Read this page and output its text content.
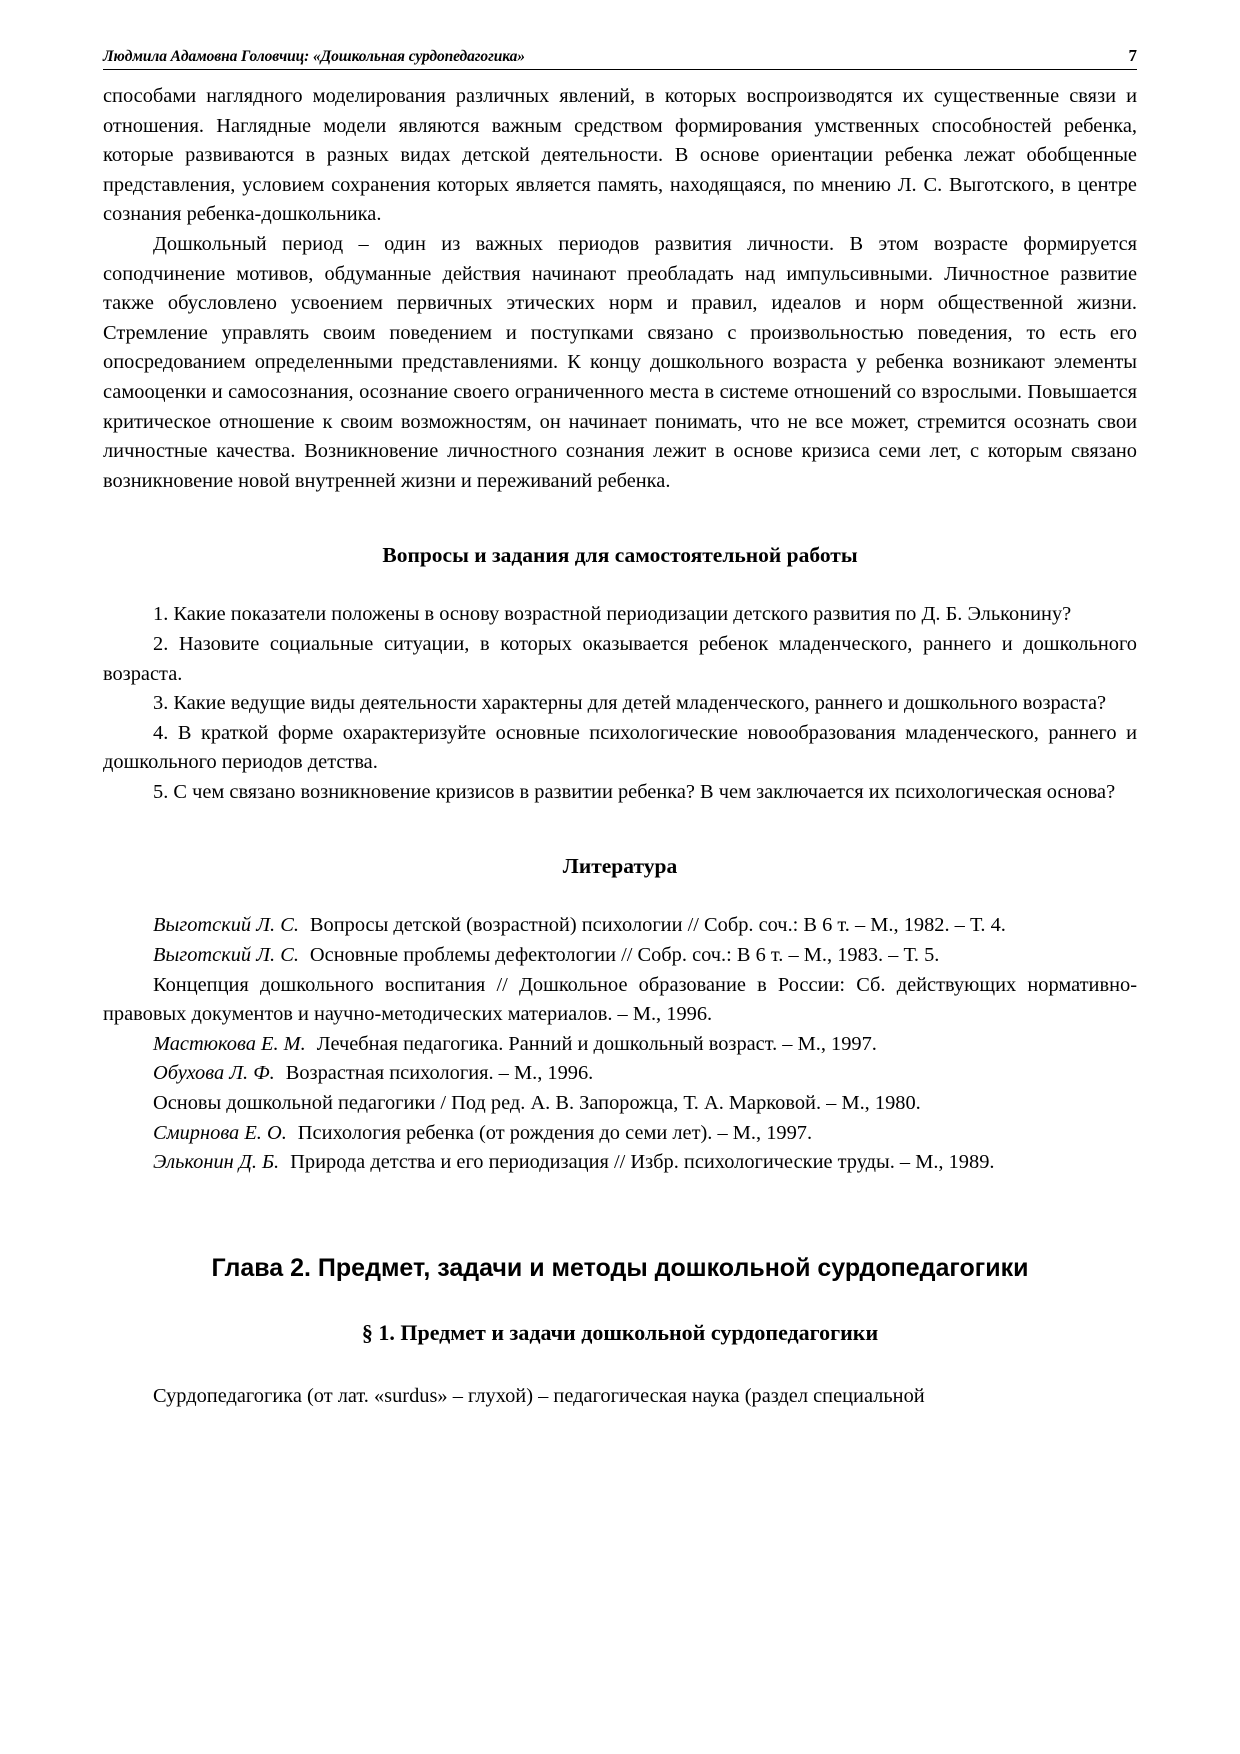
Людмила Адамовна Головчиц: «Дошкольная сурдопедагогика»	7

способами наглядного моделирования различных явлений, в которых воспроизводятся их существенные связи и отношения. Наглядные модели являются важным средством формирования умственных способностей ребенка, которые развиваются в разных видах детской деятельности. В основе ориентации ребенка лежат обобщенные представления, условием сохранения которых является память, находящаяся, по мнению Л. С. Выготского, в центре сознания ребенка-дошкольника.

Дошкольный период – один из важных периодов развития личности. В этом возрасте формируется соподчинение мотивов, обдуманные действия начинают преобладать над импульсивными. Личностное развитие также обусловлено усвоением первичных этических норм и правил, идеалов и норм общественной жизни. Стремление управлять своим поведением и поступками связано с произвольностью поведения, то есть его опосредованием определенными представлениями. К концу дошкольного возраста у ребенка возникают элементы самооценки и самосознания, осознание своего ограниченного места в системе отношений со взрослыми. Повышается критическое отношение к своим возможностям, он начинает понимать, что не все может, стремится осознать свои личностные качества. Возникновение личностного сознания лежит в основе кризиса семи лет, с которым связано возникновение новой внутренней жизни и переживаний ребенка.

Вопросы и задания для самостоятельной работы

1. Какие показатели положены в основу возрастной периодизации детского развития по Д. Б. Эльконину?

2. Назовите социальные ситуации, в которых оказывается ребенок младенческого, раннего и дошкольного возраста.

3. Какие ведущие виды деятельности характерны для детей младенческого, раннего и дошкольного возраста?

4. В краткой форме охарактеризуйте основные психологические новообразования младенческого, раннего и дошкольного периодов детства.

5. С чем связано возникновение кризисов в развитии ребенка? В чем заключается их психологическая основа?

Литература

Выготский Л. С. Вопросы детской (возрастной) психологии // Собр. соч.: В 6 т. – М., 1982. – Т. 4.

Выготский Л. С. Основные проблемы дефектологии // Собр. соч.: В 6 т. – М., 1983. – Т. 5.

Концепция дошкольного воспитания // Дошкольное образование в России: Сб. действующих нормативно-правовых документов и научно-методических материалов. – М., 1996.

Мастюкова Е. М. Лечебная педагогика. Ранний и дошкольный возраст. – М., 1997.

Обухова Л. Ф. Возрастная психология. – М., 1996.

Основы дошкольной педагогики / Под ред. А. В. Запорожца, Т. А. Марковой. – М., 1980.

Смирнова Е. О. Психология ребенка (от рождения до семи лет). – М., 1997.

Эльконин Д. Б. Природа детства и его периодизация // Избр. психологические труды. – М., 1989.

Глава 2. Предмет, задачи и методы дошкольной сурдопедагогики
§ 1. Предмет и задачи дошкольной сурдопедагогики

Сурдопедагогика (от лат. «surdus» – глухой) – педагогическая наука (раздел специальной
